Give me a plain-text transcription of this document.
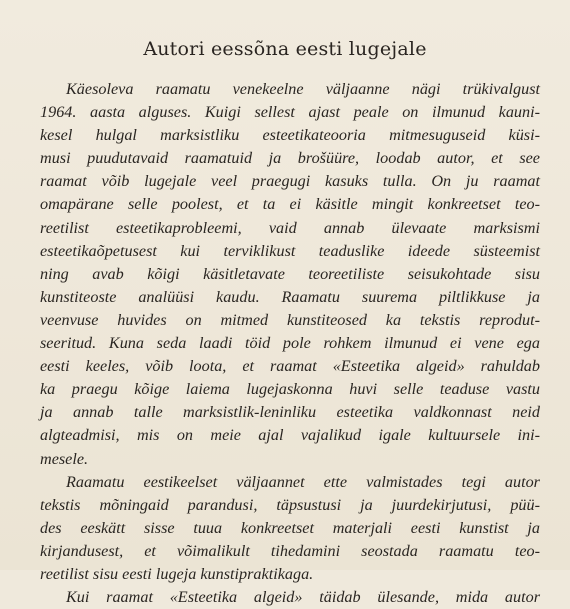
Autori eessõna eesti lugejale
Käesoleva raamatu venekeelne väljaanne nägi trükivalgust
1964. aasta alguses. Kuigi sellest ajast peale on ilmunud kauni-
kesel hulgal marksistliku esteetikateooria mitmesuguseid küsi-
musi puudutavaid raamatuid ja brošüüre, loodab autor, et see
raamat võib lugejale veel praegugi kasuks tulla. On ju raamat
omapärane selle poolest, et ta ei käsitle mingit konkreetset teo-
reetilist esteetikaprobleemi, vaid annab ülevaate marksismi
esteetikaõpetusest kui terviklikust teaduslike ideede süsteemist
ning avab kõigi käsitletavate teoreetiliste seisukohtade sisu
kunstiteoste analüüsi kaudu. Raamatu suurema piltlikkuse ja
veenvuse huvides on mitmed kunstiteosed ka tekstis reprodut-
seeritud. Kuna seda laadi töid pole rohkem ilmunud ei vene ega
eesti keeles, võib loota, et raamat «Esteetika algeid» rahuldab
ka praegu kõige laiema lugejaskonna huvi selle teaduse vastu
ja annab talle marksistlik-leninliku esteetika valdkonnast neid
algteadmisi, mis on meie ajal vajalikud igale kultuursele ini-
mesele.
Raamatu eestikeelset väljaannet ette valmistades tegi autor
tekstis mõningaid parandusi, täpsustusi ja juurdekirjutusi, püü-
des eeskätt sisse tuua konkreetset materjali eesti kunstist ja
kirjandusest, et võimalikult tihedamini seostada raamatu teo-
reetilist sisu eesti lugeja kunstipraktikaga.
Kui raamat «Esteetika algeid» täidab ülesande, mida autor
